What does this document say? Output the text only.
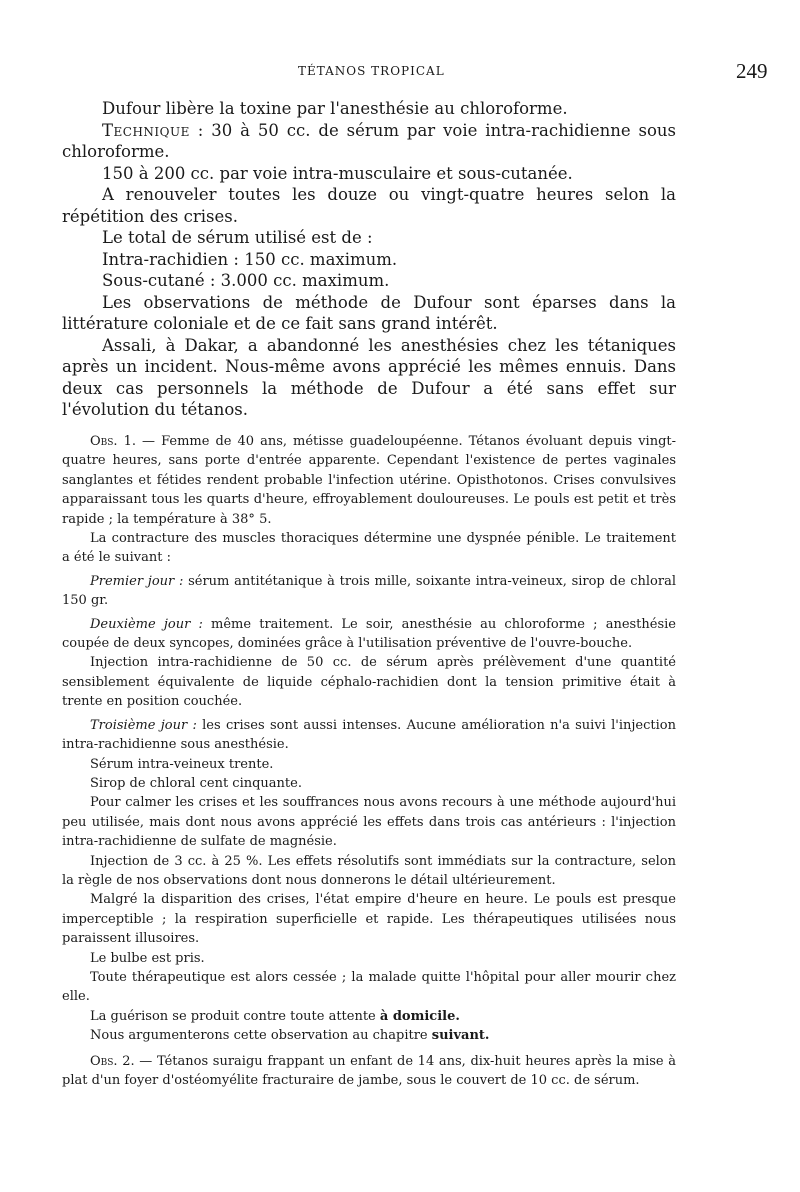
TÉTANOS TROPICAL	249

Dufour libère la toxine par l'anesthésie au chloroforme.

Technique : 30 à 50 cc. de sérum par voie intra-rachidienne sous chloroforme.

150 à 200 cc. par voie intra-musculaire et sous-cutanée.

A renouveler toutes les douze ou vingt-quatre heures selon la répétition des crises.

Le total de sérum utilisé est de :

Intra-rachidien : 150 cc. maximum.

Sous-cutané : 3.000 cc. maximum.

Les observations de méthode de Dufour sont éparses dans la littérature coloniale et de ce fait sans grand intérêt.

Assali, à Dakar, a abandonné les anesthésies chez les tétaniques après un incident. Nous-même avons apprécié les mêmes ennuis. Dans deux cas personnels la méthode de Dufour a été sans effet sur l'évolution du tétanos.

Obs. 1. — Femme de 40 ans, métisse guadeloupéenne. Tétanos évoluant depuis vingt-quatre heures, sans porte d'entrée apparente. Cependant l'existence de pertes vaginales sanglantes et fétides rendent probable l'infection utérine. Opisthotonos. Crises convulsives apparaissant tous les quarts d'heure, effroyablement douloureuses. Le pouls est petit et très rapide ; la température à 38° 5.

La contracture des muscles thoraciques détermine une dyspnée pénible. Le traitement a été le suivant :

Premier jour : sérum antitétanique à trois mille, soixante intra-veineux, sirop de chloral 150 gr.

Deuxième jour : même traitement. Le soir, anesthésie au chloroforme ; anesthésie coupée de deux syncopes, dominées grâce à l'utilisation préventive de l'ouvre-bouche.

Injection intra-rachidienne de 50 cc. de sérum après prélèvement d'une quantité sensiblement équivalente de liquide céphalo-rachidien dont la tension primitive était à trente en position couchée.

Troisième jour : les crises sont aussi intenses. Aucune amélioration n'a suivi l'injection intra-rachidienne sous anesthésie.

Sérum intra-veineux trente.

Sirop de chloral cent cinquante.

Pour calmer les crises et les souffrances nous avons recours à une méthode aujourd'hui peu utilisée, mais dont nous avons apprécié les effets dans trois cas antérieurs : l'injection intra-rachidienne de sulfate de magnésie.

Injection de 3 cc. à 25 %. Les effets résolutifs sont immédiats sur la contracture, selon la règle de nos observations dont nous donnerons le détail ultérieurement.

Malgré la disparition des crises, l'état empire d'heure en heure. Le pouls est presque imperceptible ; la respiration superficielle et rapide. Les thérapeutiques utilisées nous paraissent illusoires.

Le bulbe est pris.

Toute thérapeutique est alors cessée ; la malade quitte l'hôpital pour aller mourir chez elle.

La guérison se produit contre toute attente à domicile.

Nous argumenterons cette observation au chapitre suivant.

Obs. 2. — Tétanos suraigu frappant un enfant de 14 ans, dix-huit heures après la mise à plat d'un foyer d'ostéomyélite fracturaire de jambe, sous le couvert de 10 cc. de sérum.
